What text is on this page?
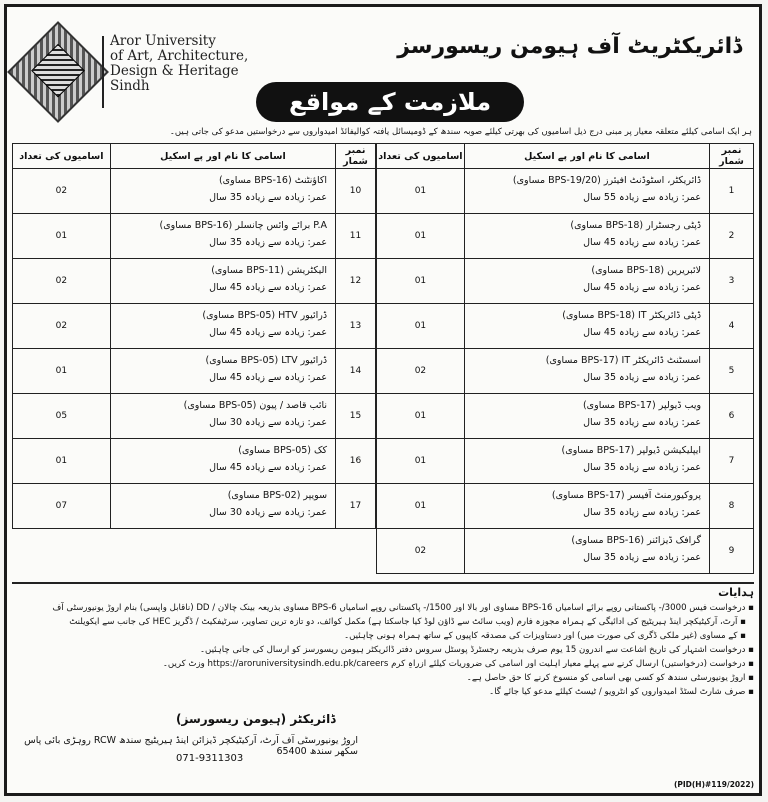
Aror University
of Art, Architecture,
Design & Heritage
Sindh
ڈائریکٹریٹ آف ہیومن ریسورسز
ملازمت کے مواقع
ہر ایک اسامی کیلئے متعلقہ معیار پر مبنی درج ذیل اسامیوں کی بھرتی کیلئے صوبہ سندھ کے ڈومیسائل یافتہ کوالیفائڈ امیدواروں سے درخواستیں مدعو کی جاتی ہیں۔
نمبر شمار	اسامی کا نام اور پے اسکیل	اسامیوں کی تعداد
1	ڈائریکٹر، اسٹوڈنٹ افیئرز (BPS-19/20 مساوی)
عمر: زیادہ سے زیادہ 55 سال	01
2	ڈپٹی رجسٹرار (BPS-18 مساوی)
عمر: زیادہ سے زیادہ 45 سال	01
3	لائبریرین (BPS-18 مساوی)
عمر: زیادہ سے زیادہ 45 سال	01
4	ڈپٹی ڈائریکٹر IT (BPS-18 مساوی)
عمر: زیادہ سے زیادہ 45 سال	01
5	اسسٹنٹ ڈائریکٹر IT (BPS-17 مساوی)
عمر: زیادہ سے زیادہ 35 سال	02
6	ویب ڈیولپر (BPS-17 مساوی)
عمر: زیادہ سے زیادہ 35 سال	01
7	ایپلیکیشن ڈیولپر (BPS-17 مساوی)
عمر: زیادہ سے زیادہ 35 سال	01
8	پروکیورمنٹ آفیسر (BPS-17 مساوی)
عمر: زیادہ سے زیادہ 35 سال	01
9	گرافک ڈیزائنر (BPS-16 مساوی)
عمر: زیادہ سے زیادہ 35 سال	02
نمبر شمار	اسامی کا نام اور پے اسکیل	اسامیوں کی تعداد
10	اکاؤنٹنٹ (BPS-16 مساوی)
عمر: زیادہ سے زیادہ 35 سال	02
11	P.A برائے وائس چانسلر (BPS-16 مساوی)
عمر: زیادہ سے زیادہ 35 سال	01
12	الیکٹریشن (BPS-11 مساوی)
عمر: زیادہ سے زیادہ 45 سال	02
13	ڈرائیور HTV (BPS-05 مساوی)
عمر: زیادہ سے زیادہ 45 سال	02
14	ڈرائیور LTV (BPS-05 مساوی)
عمر: زیادہ سے زیادہ 45 سال	01
15	نائب قاصد / پیون (BPS-05 مساوی)
عمر: زیادہ سے زیادہ 30 سال	05
16	کک (BPS-05 مساوی)
عمر: زیادہ سے زیادہ 45 سال	01
17	سویپر (BPS-02 مساوی)
عمر: زیادہ سے زیادہ 30 سال	07
ہدایات
▪ درخواست فیس 3000/- پاکستانی روپے برائے اسامیاں BPS-16 مساوی اور بالا اور 1500/- پاکستانی روپے اسامیاں BPS-6 مساوی بذریعہ بینک چالان / DD (ناقابل واپسی) بنام اروڑ یونیورسٹی آف
▪ آرٹ، آرکیٹیکچر اینڈ ہیریٹیج کی ادائیگی کے ہمراہ مجوزہ فارم (ویب سائٹ سے ڈاؤن لوڈ کیا جاسکتا ہے) مکمل کوائف، دو تازہ ترین تصاویر، سرٹیفکیٹ / ڈگریز HEC کی جانب سے ایکویلنٹ
▪ کے مساوی (غیر ملکی ڈگری کی صورت میں) اور دستاویزات کی مصدقہ کاپیوں کے ساتھ ہمراہ ہونی چاہئیں۔
▪ درخواست اشتہار کی تاریخ اشاعت سے اندرون 15 یوم صرف بذریعہ رجسٹرڈ پوسٹل سروس دفتر ڈائریکٹر ہیومن ریسورسز کو ارسال کی جانی چاہئیں۔
▪ درخواست (درخواستیں) ارسال کرنے سے پہلے معیار اہلیت اور اسامی کی ضروریات کیلئے ازراہِ کرم https://aroruniversitysindh.edu.pk/careers وزٹ کریں۔
▪ اروڑ یونیورسٹی سندھ کو کسی بھی اسامی کو منسوخ کرنے کا حق حاصل ہے۔
▪ صرف شارٹ لسٹڈ امیدواروں کو انٹرویو / ٹیسٹ کیلئے مدعو کیا جائے گا۔
ڈائریکٹر (ہیومن ریسورسز)
اروڑ یونیورسٹی آف آرٹ، آرکیٹیکچر ڈیزائن اینڈ ہیریٹیج سندھ RCW روہڑی بائی پاس سکھر سندھ 65400
071-9311303
(PID(H)#119/2022)
